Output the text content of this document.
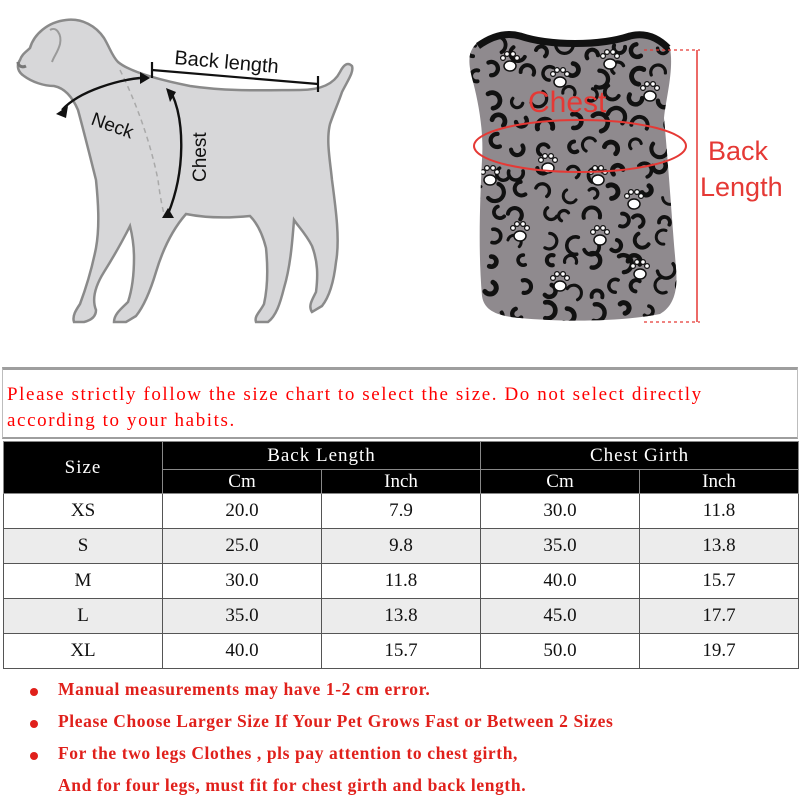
Back length
Neck
Chest
Chest
Back
Length

Please strictly follow the size chart to select the size. Do not select directly according to your habits.

Size	Back Length		Chest Girth	
	Cm	Inch	Cm	Inch
XS	20.0	7.9	30.0	11.8
S	25.0	9.8	35.0	13.8
M	30.0	11.8	40.0	15.7
L	35.0	13.8	45.0	17.7
XL	40.0	15.7	50.0	19.7
Manual measurements may have 1-2 cm error.
Please Choose Larger Size If Your Pet Grows Fast or Between 2 Sizes
For the two legs Clothes , pls pay attention to chest girth,
And for four legs, must fit for chest girth and back length.
